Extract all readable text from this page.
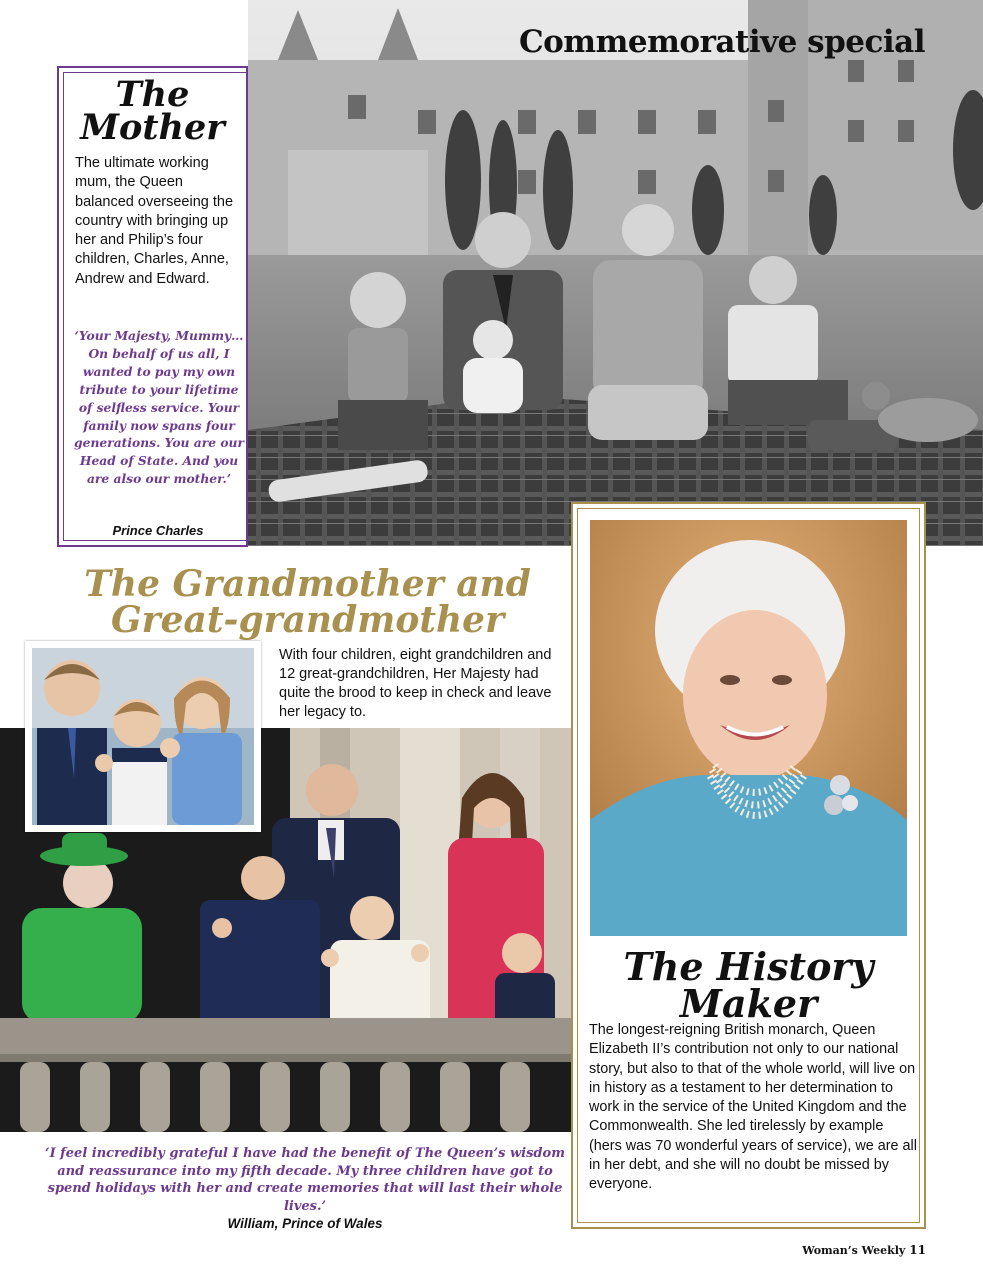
Commemorative special
The
Mother
The ultimate working mum, the Queen balanced overseeing the country with bringing up her and Philip’s four children, Charles, Anne, Andrew and Edward.
‘Your Majesty, Mummy… On behalf of us all, I wanted to pay my own tribute to your lifetime of selfless service. Your family now spans four generations. You are our Head of State. And you are also our mother.’
Prince Charles
The Grandmother and
Great-grandmother
With four children, eight grandchildren and 12 great-grandchildren, Her Majesty had quite the brood to keep in check and leave her legacy to.
‘I feel incredibly grateful I have had the benefit of The Queen’s wisdom and reassurance into my fifth decade. My three children have got to spend holidays with her and create memories that will last their whole lives.’
William, Prince of Wales
The History
Maker
The longest-reigning British monarch, Queen Elizabeth II’s contribution not only to our national story, but also to that of the whole world, will live on in history as a testament to her determination to work in the service of the United Kingdom and the Commonwealth. She led tirelessly by example (hers was 70 wonderful years of service), we are all in her debt, and she will no doubt be missed by everyone.
Woman’s Weekly 11
